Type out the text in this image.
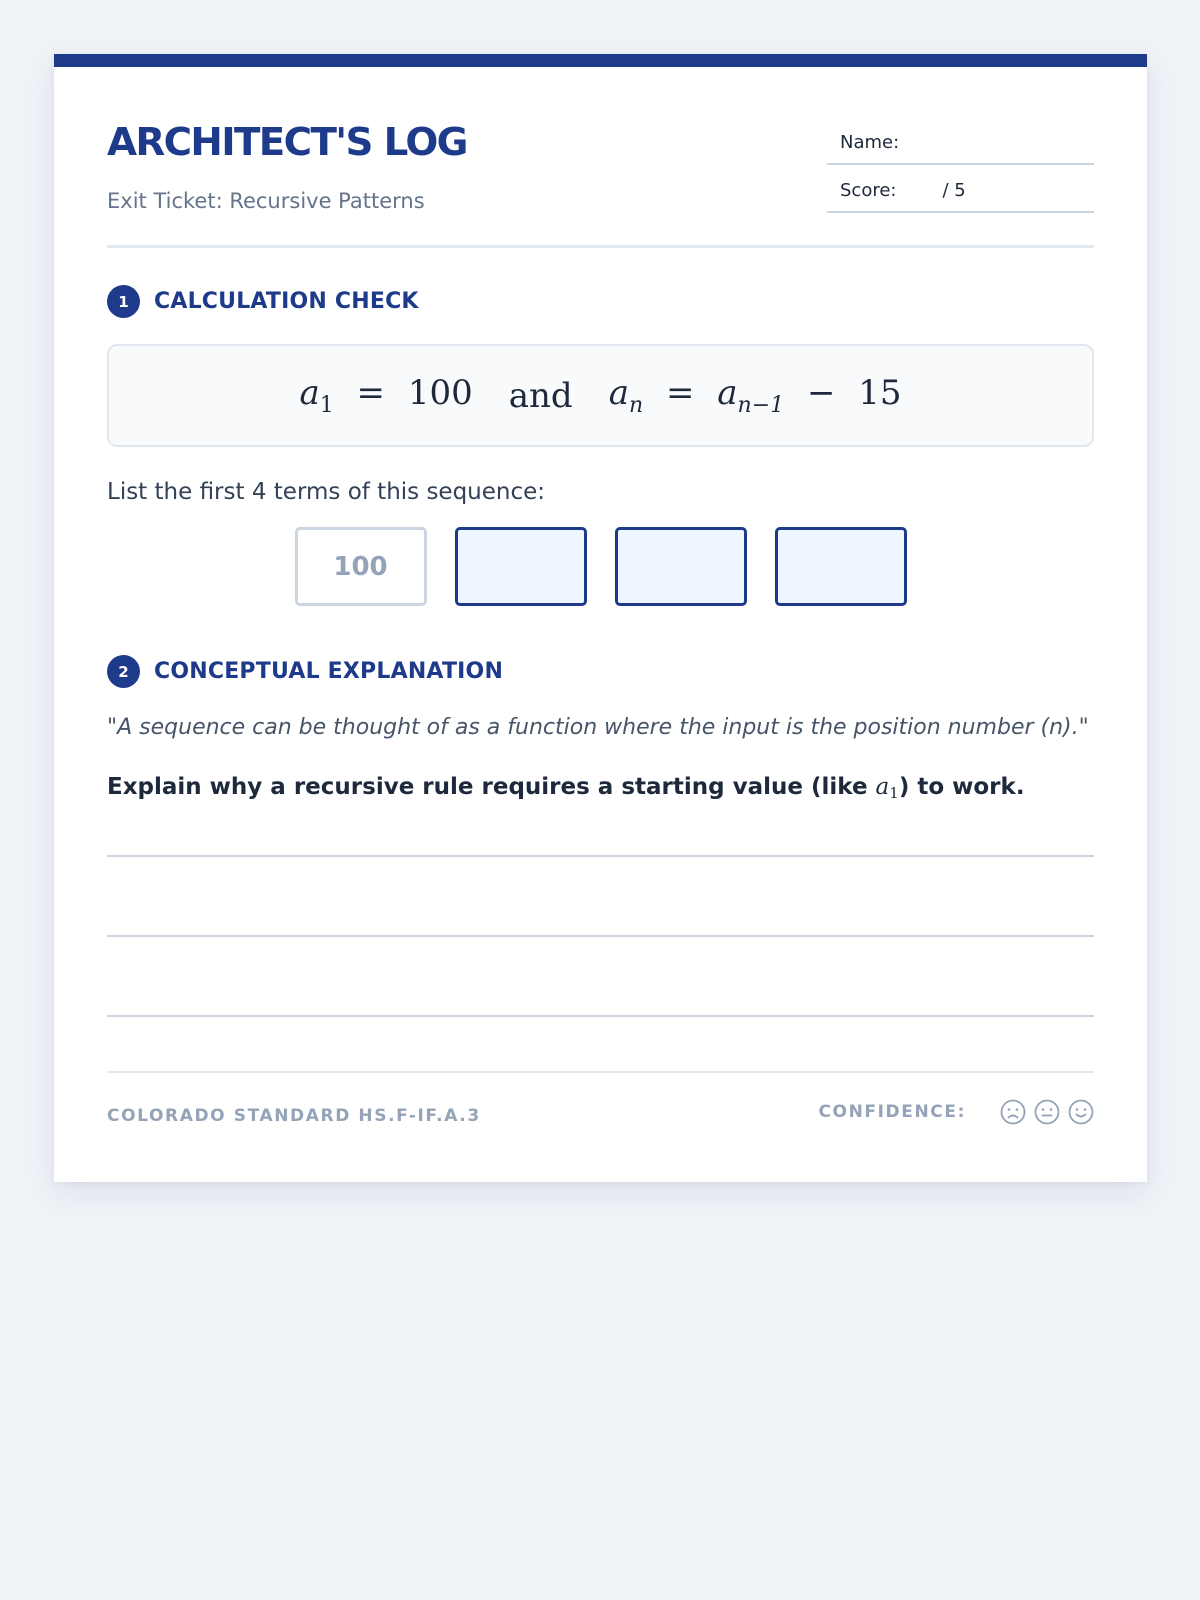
ARCHITECT'S LOG
Exit Ticket: Recursive Patterns
Name:
Score:	/ 5
1	CALCULATION CHECK
$a_1 = 100$ and $a_n = a_{n-1} - 15$
List the first 4 terms of this sequence:
100
2	CONCEPTUAL EXPLANATION
"A sequence can be thought of as a function where the input is the position number (n)."
Explain why a recursive rule requires a starting value (like $a_1$) to work.
COLORADO STANDARD HS.F-IF.A.3	CONFIDENCE:
